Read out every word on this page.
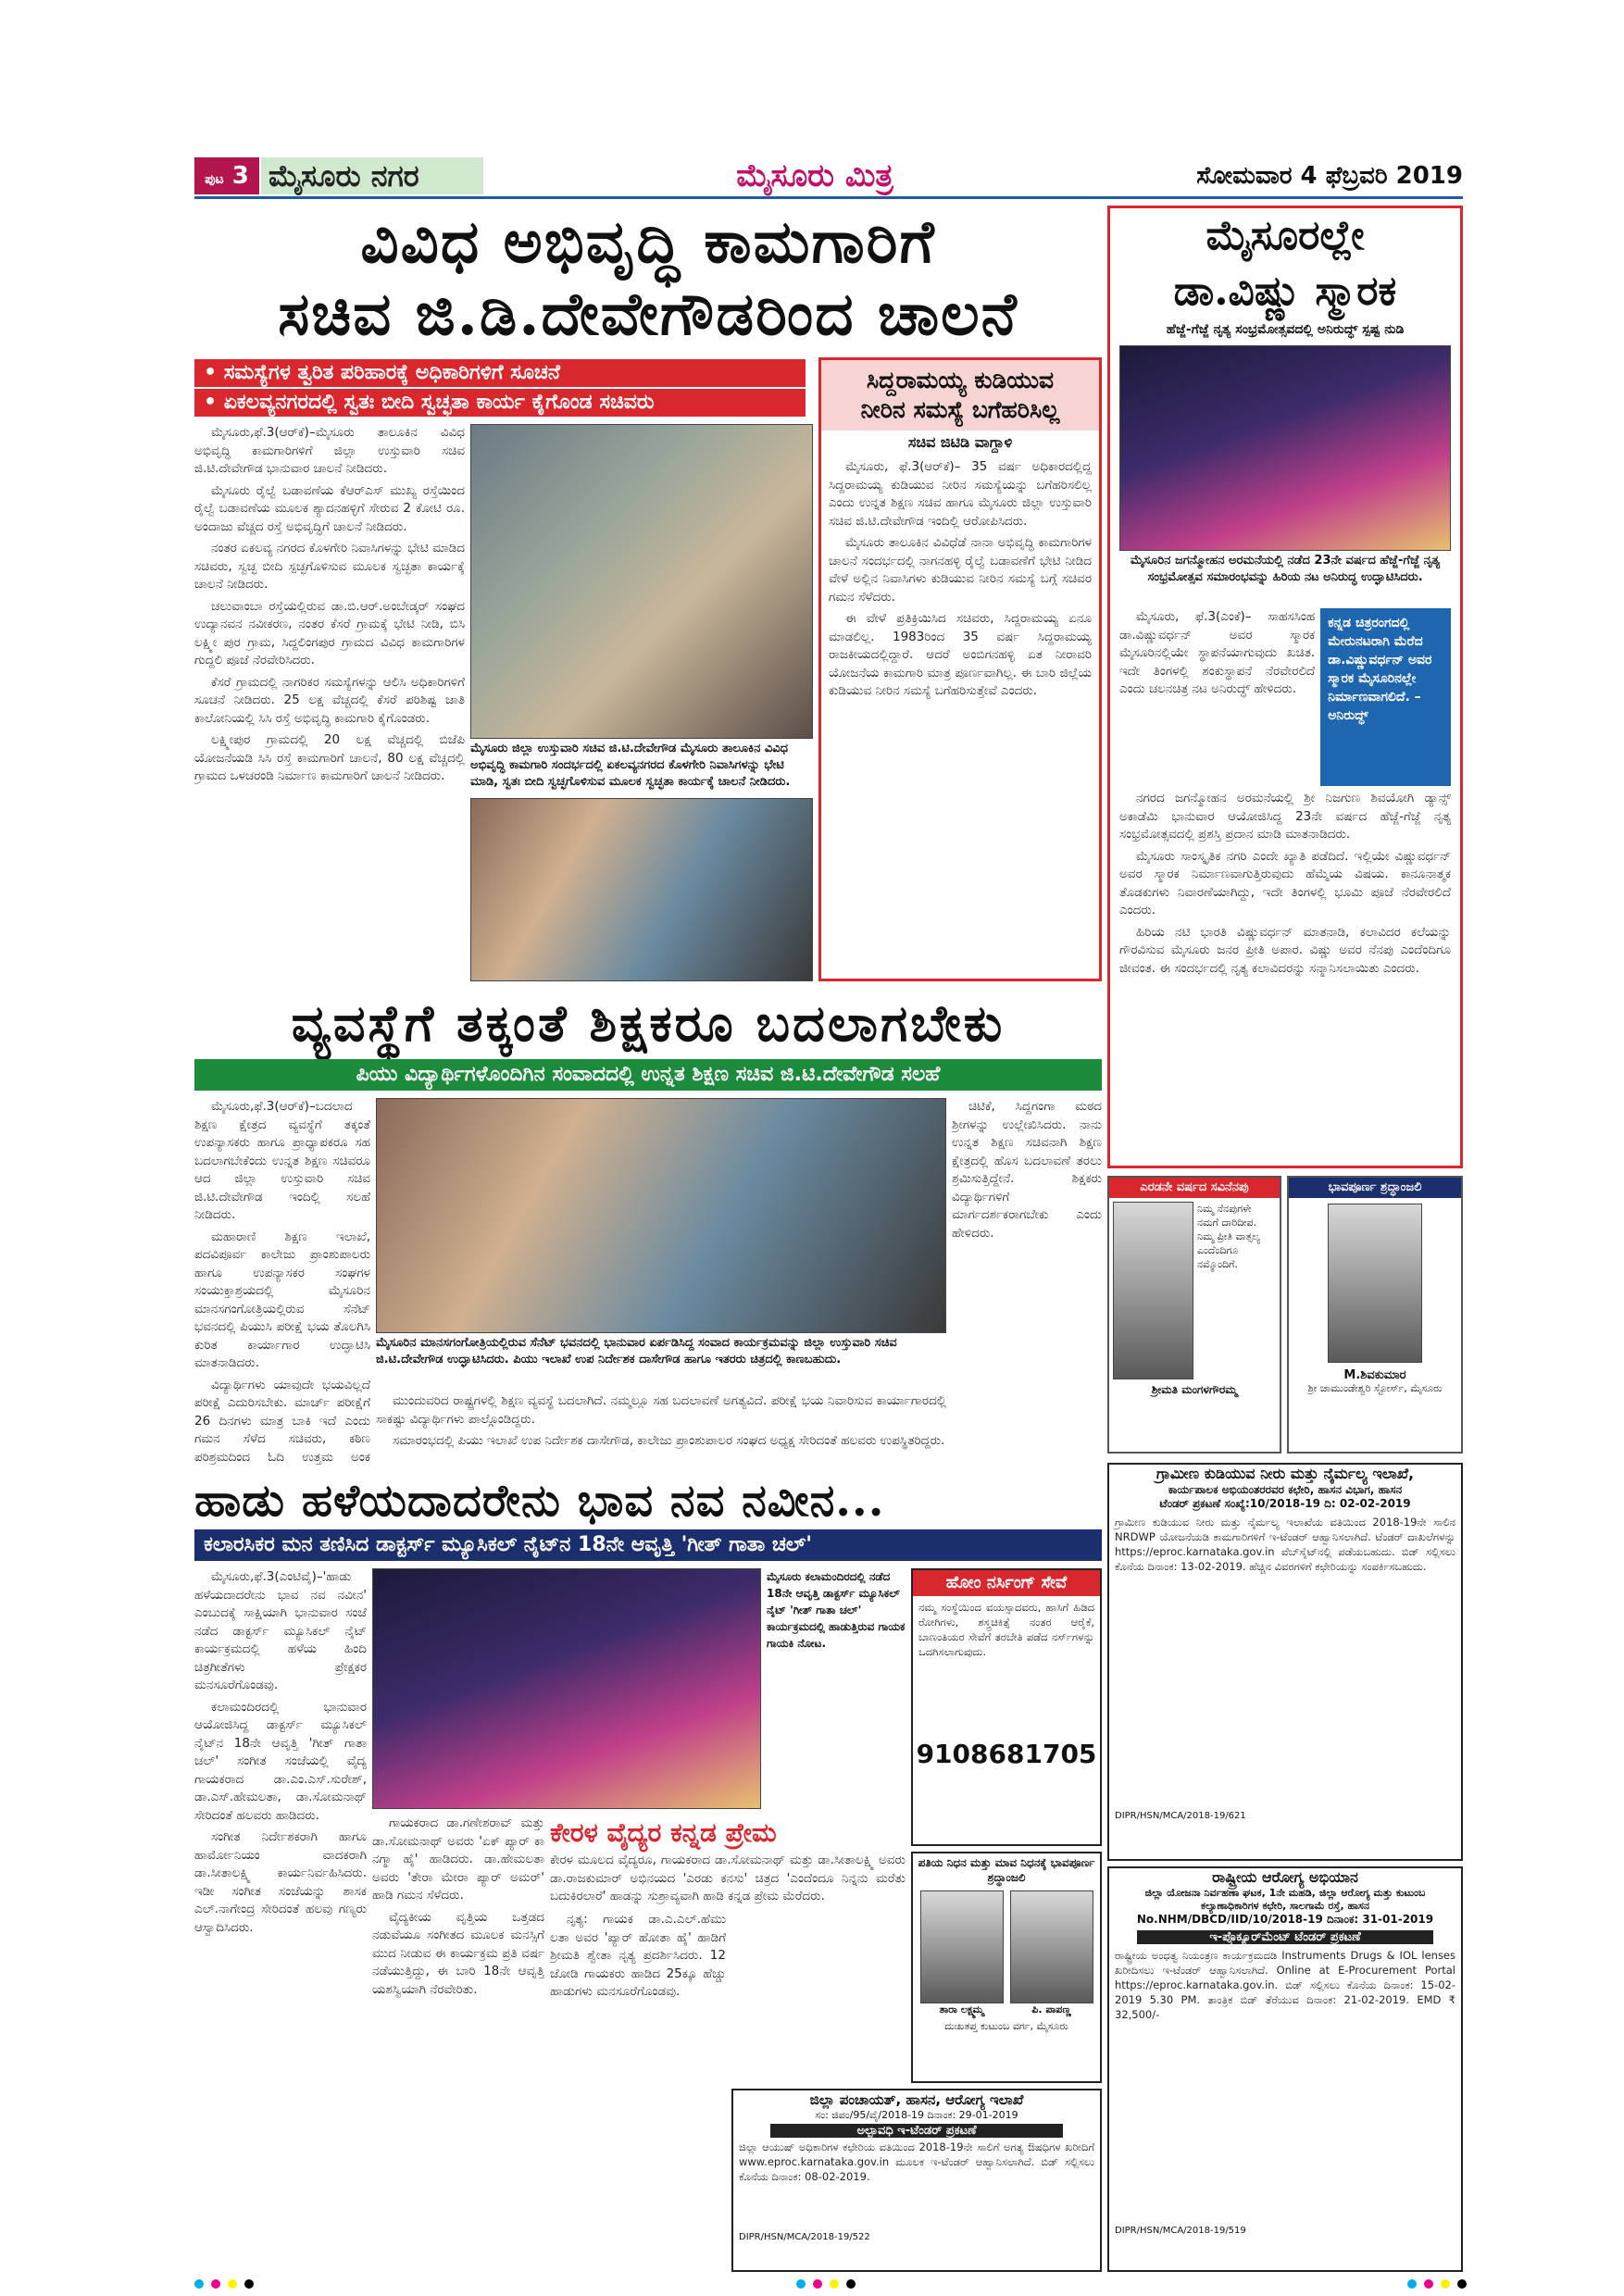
ಪುಟ 3 ಮೈಸೂರು ನಗರ	ಮೈಸೂರು ಮಿತ್ರ	ಸೋಮವಾರ 4 ಫೆಬ್ರವರಿ 2019
ವಿವಿಧ ಅಭಿವೃದ್ಧಿ ಕಾಮಗಾರಿಗೆ
ಸಚಿವ ಜಿ.ಡಿ.ದೇವೇಗೌಡರಿಂದ ಚಾಲನೆ
• ಸಮಸ್ಯೆಗಳ ತ್ವರಿತ ಪರಿಹಾರಕ್ಕೆ ಅಧಿಕಾರಿಗಳಿಗೆ ಸೂಚನೆ
• ಏಕಲವ್ಯನಗರದಲ್ಲಿ ಸ್ವತಃ ಬೀದಿ ಸ್ವಚ್ಛತಾ ಕಾರ್ಯ ಕೈಗೊಂಡ ಸಚಿವರು

ಮೈಸೂರು,ಫೆ.3(ಆರ್‌ಕೆ)–ಮೈಸೂರು ತಾಲೂಕಿನ ವಿವಿಧ ಅಭಿವೃದ್ಧಿ ಕಾಮಗಾರಿಗಳಿಗೆ ಜಿಲ್ಲಾ ಉಸ್ತುವಾರಿ ಸಚಿವ ಜಿ.ಟಿ.ದೇವೇಗೌಡ ಭಾನುವಾರ ಚಾಲನೆ ನೀಡಿದರು.

ಮೈಸೂರು ರೈಲ್ವೆ ಬಡಾವಣೆಯ ಕೆಆರ್‌ಎಸ್ ಮುಖ್ಯ ರಸ್ತೆಯಿಂದ ರೈಲ್ವೆ ಬಡಾವಣೆಯ ಮೂಲಕ ಶ್ಯಾದನಹಳ್ಳಿಗೆ ಸೇರುವ 2 ಕೋಟಿ ರೂ. ಅಂದಾಜು ವೆಚ್ಚದ ರಸ್ತೆ ಅಭಿವೃದ್ಧಿಗೆ ಚಾಲನೆ ನೀಡಿದರು.

ನಂತರ ಏಕಲವ್ಯ ನಗರದ ಕೊಳಗೇರಿ ನಿವಾಸಿಗಳನ್ನು ಭೇಟಿ ಮಾಡಿದ ಸಚಿವರು, ಸ್ವಚ್ಛ ಬೀದಿ ಸ್ಪಚ್ಛಗೊಳಿಸುವ ಮೂಲಕ ಸ್ವಚ್ಛತಾ ಕಾರ್ಯಕ್ಕೆ ಚಾಲನೆ ನೀಡಿದರು.

ಚಲುವಾಂಬಾ ರಸ್ತೆಯಲ್ಲಿರುವ ಡಾ.ಬಿ.ಆರ್.ಅಂಬೇಡ್ಕರ್ ಸಂಘದ ಉದ್ಯಾನವನ ನವೀಕರಣ, ನಂತರ ಕೆಸರೆ ಗ್ರಾಮಕ್ಕೆ ಭೇಟಿ ನೀಡಿ, ಬಿಸಿ ಲಕ್ಷ್ಮೀ ಪುರ ಗ್ರಾಮ, ಸಿದ್ದಲಿಂಗಪುರ ಗ್ರಾಮದ ವಿವಿಧ ಕಾಮಗಾರಿಗಳ ಗುದ್ದಲಿ ಪೂಜೆ ನೆರವೇರಿಸಿದರು.

ಕೆಸರೆ ಗ್ರಾಮದಲ್ಲಿ ನಾಗರಿಕರ ಸಮಸ್ಯೆಗಳನ್ನು ಆಲಿಸಿ ಅಧಿಕಾರಿಗಳಿಗೆ ಸೂಚನೆ ನೀಡಿದರು. 25 ಲಕ್ಷ ವೆಚ್ಚದಲ್ಲಿ ಕೆಸರೆ ಪರಿಶಿಷ್ಟ ಜಾತಿ ಕಾಲೋನಿಯಲ್ಲಿ ಸಿಸಿ ರಸ್ತೆ ಅಭಿವೃದ್ಧಿ ಕಾಮಗಾರಿ ಕೈಗೊಂಡರು.

ಲಕ್ಷ್ಮೀಪುರ ಗ್ರಾಮದಲ್ಲಿ 20 ಲಕ್ಷ ವೆಚ್ಚದಲ್ಲಿ ಬಿಜೆಪಿ ಯೋಜನೆಯಡಿ ಸಿಸಿ ರಸ್ತೆ ಕಾಮಗಾರಿಗೆ ಚಾಲನೆ, 80 ಲಕ್ಷ ವೆಚ್ಚದಲ್ಲಿ ಗ್ರಾಮದ ಒಳಚರಂಡಿ ನಿರ್ಮಾಣ ಕಾಮಗಾರಿಗೆ ಚಾಲನೆ ನೀಡಿದರು.

ಮೈಸೂರು ಜಿಲ್ಲಾ ಉಸ್ತುವಾರಿ ಸಚಿವ ಜಿ.ಟಿ.ದೇವೇಗೌಡ ಮೈಸೂರು ತಾಲೂಕಿನ ವಿವಿಧ ಅಭಿವೃದ್ಧಿ ಕಾಮಗಾರಿ ಸಂದರ್ಭದಲ್ಲಿ ಏಕಲವ್ಯನಗರದ ಕೊಳಗೇರಿ ನಿವಾಸಿಗಳನ್ನು ಭೇಟಿ ಮಾಡಿ, ಸ್ವತಃ ಬೀದಿ ಸ್ವಚ್ಛಗೊಳಿಸುವ ಮೂಲಕ ಸ್ವಚ್ಛತಾ ಕಾರ್ಯಕ್ಕೆ ಚಾಲನೆ ನೀಡಿದರು.
ಸಿದ್ದರಾಮಯ್ಯ ಕುಡಿಯುವ
ನೀರಿನ ಸಮಸ್ಯೆ ಬಗೆಹರಿಸಿಲ್ಲ
ಸಚಿವ ಜಿಟಿಡಿ ವಾಗ್ದಾಳಿ

ಮೈಸೂರು, ಫೆ.3(ಆರ್‌ಕೆ)– 35 ವರ್ಷ ಅಧಿಕಾರದಲ್ಲಿದ್ದ ಸಿದ್ದರಾಮಯ್ಯ ಕುಡಿಯುವ ನೀರಿನ ಸಮಸ್ಯೆಯನ್ನು ಬಗೆಹರಿಸಲಿಲ್ಲ ಎಂದು ಉನ್ನತ ಶಿಕ್ಷಣ ಸಚಿವ ಹಾಗೂ ಮೈಸೂರು ಜಿಲ್ಲಾ ಉಸ್ತುವಾರಿ ಸಚಿವ ಜಿ.ಟಿ.ದೇವೇಗೌಡ ಇಂದಿಲ್ಲಿ ಆರೋಪಿಸಿದರು.

ಮೈಸೂರು ತಾಲೂಕಿನ ವಿವಿಧೆಡೆ ನಾನಾ ಅಭಿವೃದ್ಧಿ ಕಾಮಗಾರಿಗಳ ಚಾಲನೆ ಸಂದರ್ಭದಲ್ಲಿ ನಾಗನಹಳ್ಳಿ ರೈಲ್ವೆ ಬಡಾವಣೆಗೆ ಭೇಟಿ ನೀಡಿದ ವೇಳೆ ಅಲ್ಲಿನ ನಿವಾಸಿಗಳು ಕುಡಿಯುವ ನೀರಿನ ಸಮಸ್ಯೆ ಬಗ್ಗೆ ಸಚಿವರ ಗಮನ ಸೆಳೆದರು.

ಈ ವೇಳೆ ಪ್ರತಿಕ್ರಿಯಿಸಿದ ಸಚಿವರು, ಸಿದ್ದರಾಮಯ್ಯ ಏನೂ ಮಾಡಲಿಲ್ಲ. 1983ರಿಂದ 35 ವರ್ಷ ಸಿದ್ದರಾಮಯ್ಯ ರಾಜಕೀಯದಲ್ಲಿದ್ದಾರೆ. ಆದರೆ ಅಂಬಿಗನಹಳ್ಳಿ ಏತ ನೀರಾವರಿ ಯೋಜನೆಯ ಕಾಮಗಾರಿ ಮಾತ್ರ ಪೂರ್ಣವಾಗಿಲ್ಲ. ಈ ಬಾರಿ ಜಿಲ್ಲೆಯ ಕುಡಿಯುವ ನೀರಿನ ಸಮಸ್ಯೆ ಬಗೆಹರಿಸುತ್ತೇವೆ ಎಂದರು.

ಮೈಸೂರಲ್ಲೇ
ಡಾ.ವಿಷ್ಣು ಸ್ಮಾರಕ
ಹೆಜ್ಜೆ-ಗೆಜ್ಜೆ ನೃತ್ಯ ಸಂಭ್ರಮೋತ್ಸವದಲ್ಲಿ ಅನಿರುದ್ಧ್ ಸ್ಪಷ್ಟ ನುಡಿ
ಮೈಸೂರಿನ ಜಗನ್ಮೋಹನ ಅರಮನೆಯಲ್ಲಿ ನಡೆದ 23ನೇ ವರ್ಷದ ಹೆಜ್ಜೆ-ಗೆಜ್ಜೆ ನೃತ್ಯ ಸಂಭ್ರಮೋತ್ಸವ ಸಮಾರಂಭವನ್ನು ಹಿರಿಯ ನಟ ಅನಿರುದ್ಧ ಉದ್ಘಾಟಿಸಿದರು.

ಮೈಸೂರು, ಫೆ.3(ಎಂಕೆ)– ಸಾಹಸಸಿಂಹ ಡಾ.ವಿಷ್ಣುವರ್ಧನ್ ಅವರ ಸ್ಮಾರಕ ಮೈಸೂರಿನಲ್ಲಿಯೇ ಸ್ಥಾಪನೆಯಾಗುವುದು ಖಚಿತ. ಇದೇ ತಿಂಗಳಲ್ಲಿ ಶಂಕುಸ್ಥಾಪನೆ ನೆರವೇರಲಿದೆ ಎಂದು ಚಲನಚಿತ್ರ ನಟ ಅನಿರುದ್ಧ್ ಹೇಳಿದರು.

ಕನ್ನಡ ಚಿತ್ರರಂಗದಲ್ಲಿ ಮೇರುನಟರಾಗಿ ಮೆರೆದ ಡಾ.ವಿಷ್ಣುವರ್ಧನ್ ಅವರ ಸ್ಮಾರಕ ಮೈಸೂರಿನಲ್ಲೇ ನಿರ್ಮಾಣವಾಗಲಿದೆ. – ಅನಿರುದ್ಧ್

ನಗರದ ಜಗನ್ಮೋಹನ ಅರಮನೆಯಲ್ಲಿ ಶ್ರೀ ನಿಜಗುಣ ಶಿವಯೋಗಿ ಡ್ಯಾನ್ಸ್ ಅಕಾಡೆಮಿ ಭಾನುವಾರ ಆಯೋಜಿಸಿದ್ದ 23ನೇ ವರ್ಷದ ಹೆಜ್ಜೆ-ಗೆಜ್ಜೆ ನೃತ್ಯ ಸಂಭ್ರಮೋತ್ಸವದಲ್ಲಿ ಪ್ರಶಸ್ತಿ ಪ್ರದಾನ ಮಾಡಿ ಮಾತನಾಡಿದರು.

ಮೈಸೂರು ಸಾಂಸ್ಕೃತಿಕ ನಗರಿ ಎಂದೇ ಖ್ಯಾತಿ ಪಡೆದಿದೆ. ಇಲ್ಲಿಯೇ ವಿಷ್ಣುವರ್ಧನ್ ಅವರ ಸ್ಮಾರಕ ನಿರ್ಮಾಣವಾಗುತ್ತಿರುವುದು ಹೆಮ್ಮೆಯ ವಿಷಯ. ಕಾನೂನಾತ್ಮಕ ತೊಡಕುಗಳು ನಿವಾರಣೆಯಾಗಿದ್ದು, ಇದೇ ತಿಂಗಳಲ್ಲಿ ಭೂಮಿ ಪೂಜೆ ನೆರವೇರಲಿದೆ ಎಂದರು.

ಹಿರಿಯ ನಟಿ ಭಾರತಿ ವಿಷ್ಣುವರ್ಧನ್ ಮಾತನಾಡಿ, ಕಲಾವಿದರ ಕಲೆಯನ್ನು ಗೌರವಿಸುವ ಮೈಸೂರು ಜನರ ಪ್ರೀತಿ ಅಪಾರ. ವಿಷ್ಣು ಅವರ ನೆನಪು ಎಂದೆಂದಿಗೂ ಜೀವಂತ. ಈ ಸಂದರ್ಭದಲ್ಲಿ ನೃತ್ಯ ಕಲಾವಿದರನ್ನು ಸನ್ಮಾನಿಸಲಾಯಿತು ಎಂದರು.

ವ್ಯವಸ್ಥೆಗೆ ತಕ್ಕಂತೆ ಶಿಕ್ಷಕರೂ ಬದಲಾಗಬೇಕು
ಪಿಯು ವಿದ್ಯಾರ್ಥಿಗಳೊಂದಿಗಿನ ಸಂವಾದದಲ್ಲಿ ಉನ್ನತ ಶಿಕ್ಷಣ ಸಚಿವ ಜಿ.ಟಿ.ದೇವೇಗೌಡ ಸಲಹೆ

ಮೈಸೂರು,ಫೆ.3(ಆರ್‌ಕೆ)–ಬದಲಾದ ಶಿಕ್ಷಣ ಕ್ಷೇತ್ರದ ವ್ಯವಸ್ಥೆಗೆ ತಕ್ಕಂತೆ ಉಪನ್ಯಾಸಕರು ಹಾಗೂ ಪ್ರಾಧ್ಯಾಪಕರೂ ಸಹ ಬದಲಾಗಬೇಕೆಂದು ಉನ್ನತ ಶಿಕ್ಷಣ ಸಚಿವರೂ ಆದ ಜಿಲ್ಲಾ ಉಸ್ತುವಾರಿ ಸಚಿವ ಜಿ.ಟಿ.ದೇವೇಗೌಡ ಇಂದಿಲ್ಲಿ ಸಲಹೆ ನೀಡಿದರು.

ಮಹಾರಾಣಿ ಶಿಕ್ಷಣ ಇಲಾಖೆ, ಪದವಿಪೂರ್ವ ಕಾಲೇಜು ಪ್ರಾಂಶುಪಾಲರು ಹಾಗೂ ಉಪನ್ಯಾಸಕರ ಸಂಘಗಳ ಸಂಯುಕ್ತಾಶ್ರಯದಲ್ಲಿ ಮೈಸೂರಿನ ಮಾನಸಗಂಗೋತ್ರಿಯಲ್ಲಿರುವ ಸೆನೆಟ್ ಭವನದಲ್ಲಿ ಪಿಯುಸಿ ಪರೀಕ್ಷೆ ಭಯ ತೊಲಗಿಸಿ ಕುರಿತ ಕಾರ್ಯಾಗಾರ ಉದ್ಘಾಟಿಸಿ ಮಾತನಾಡಿದರು.

ವಿದ್ಯಾರ್ಥಿಗಳು ಯಾವುದೇ ಭಯವಿಲ್ಲದೆ ಪರೀಕ್ಷೆ ಎದುರಿಸಬೇಕು. ಮಾರ್ಚ್ ಪರೀಕ್ಷೆಗೆ 26 ದಿನಗಳು ಮಾತ್ರ ಬಾಕಿ ಇದೆ ಎಂದು ಗಮನ ಸೆಳೆದ ಸಚಿವರು, ಕಠಿಣ ಪರಿಶ್ರಮದಿಂದ ಓದಿ ಉತ್ತಮ ಅಂಕ

ಮೈಸೂರಿನ ಮಾನಸಗಂಗೋತ್ರಿಯಲ್ಲಿರುವ ಸೆನೆಟ್ ಭವನದಲ್ಲಿ ಭಾನುವಾರ ಏರ್ಪಡಿಸಿದ್ದ ಸಂವಾದ ಕಾರ್ಯಕ್ರಮವನ್ನು ಜಿಲ್ಲಾ ಉಸ್ತುವಾರಿ ಸಚಿವ ಜಿ.ಟಿ.ದೇವೇಗೌಡ ಉದ್ಘಾಟಿಸಿದರು. ಪಿಯು ಇಲಾಖೆ ಉಪ ನಿರ್ದೇಶಕ ದಾಸೇಗೌಡ ಹಾಗೂ ಇತರರು ಚಿತ್ರದಲ್ಲಿ ಕಾಣಬಹುದು.

ಮುಂದುವರಿದ ರಾಷ್ಟ್ರಗಳಲ್ಲಿ ಶಿಕ್ಷಣ ವ್ಯವಸ್ಥೆ ಬದಲಾಗಿದೆ. ನಮ್ಮಲ್ಲೂ ಸಹ ಬದಲಾವಣೆ ಅಗತ್ಯವಿದೆ. ಪರೀಕ್ಷೆ ಭಯ ನಿವಾರಿಸುವ ಕಾರ್ಯಾಗಾರದಲ್ಲಿ ಸಾಕಷ್ಟು ವಿದ್ಯಾರ್ಥಿಗಳು ಪಾಲ್ಗೊಂಡಿದ್ದರು.

ಸಮಾರಂಭದಲ್ಲಿ ಪಿಯು ಇಲಾಖೆ ಉಪ ನಿರ್ದೇಶಕ ದಾಸೇಗೌಡ, ಕಾಲೇಜು ಪ್ರಾಂಶುಪಾಲರ ಸಂಘದ ಅಧ್ಯಕ್ಷ ಸೇರಿದಂತೆ ಹಲವರು ಉಪಸ್ಥಿತರಿದ್ದರು.

ಚಿಟಿಕೆ, ಸಿದ್ದಗಂಗಾ ಮಠದ ಶ್ರೀಗಳನ್ನು ಉಲ್ಲೇಖಿಸಿದರು. ನಾನು ಉನ್ನತ ಶಿಕ್ಷಣ ಸಚಿವನಾಗಿ ಶಿಕ್ಷಣ ಕ್ಷೇತ್ರದಲ್ಲಿ ಹೊಸ ಬದಲಾವಣೆ ತರಲು ಶ್ರಮಿಸುತ್ತಿದ್ದೇನೆ. ಶಿಕ್ಷಕರು ವಿದ್ಯಾರ್ಥಿಗಳಿಗೆ ಮಾರ್ಗದರ್ಶಕರಾಗಬೇಕು ಎಂದು ಹೇಳಿದರು.

ಎರಡನೇ ವರ್ಷದ ಸವಿನೆನಪು
ನಿಮ್ಮ ನೆನಪುಗಳೇ ನಮಗೆ ದಾರಿದೀಪ. ನಿಮ್ಮ ಪ್ರೀತಿ ವಾತ್ಸಲ್ಯ ಎಂದೆಂದಿಗೂ ನಮ್ಮೊಂದಿಗೆ.
ಶ್ರೀಮತಿ ಮಂಗಳಗೌರಮ್ಮ
ಭಾವಪೂರ್ಣ ಶ್ರದ್ಧಾಂಜಲಿ
M.ಶಿವಕುಮಾರ
ಶ್ರೀ ಚಾಮುಂಡೇಶ್ವರಿ ಸ್ಟೋರ್ಸ್, ಮೈಸೂರು
ಹಾಡು ಹಳೆಯದಾದರೇನು ಭಾವ ನವ ನವೀನ...
ಕಲಾರಸಿಕರ ಮನ ತಣಿಸಿದ ಡಾಕ್ಟರ್ಸ್ ಮ್ಯೂಸಿಕಲ್ ನೈಟ್‌ನ 18ನೇ ಆವೃತ್ತಿ 'ಗೀತ್ ಗಾತಾ ಚಲ್'

ಮೈಸೂರು,ಫೆ.3(ಎಂಟಿವೈ)–'ಹಾಡು ಹಳೆಯದಾದರೇನು ಭಾವ ನವ ನವೀನ' ಎಂಬುದಕ್ಕೆ ಸಾಕ್ಷಿಯಾಗಿ ಭಾನುವಾರ ಸಂಜೆ ನಡೆದ ಡಾಕ್ಟರ್ಸ್ ಮ್ಯೂಸಿಕಲ್ ನೈಟ್ ಕಾರ್ಯಕ್ರಮದಲ್ಲಿ ಹಳೆಯ ಹಿಂದಿ ಚಿತ್ರಗೀತೆಗಳು ಪ್ರೇಕ್ಷಕರ ಮನಸೂರೆಗೊಂಡವು.

ಕಲಾಮಂದಿರದಲ್ಲಿ ಭಾನುವಾರ ಆಯೋಜಿಸಿದ್ದ ಡಾಕ್ಟರ್ಸ್ ಮ್ಯೂಸಿಕಲ್ ನೈಟ್‌ನ 18ನೇ ಆವೃತ್ತಿ 'ಗೀತ್ ಗಾತಾ ಚಲ್' ಸಂಗೀತ ಸಂಜೆಯಲ್ಲಿ ವೈದ್ಯ ಗಾಯಕರಾದ ಡಾ.ಎಂ.ಎಸ್.ಸುರೇಶ್, ಡಾ.ಎಸ್.ಹೇಮಲತಾ, ಡಾ.ಸೋಮನಾಥ್ ಸೇರಿದಂತೆ ಹಲವರು ಹಾಡಿದರು.

ಸಂಗೀತ ನಿರ್ದೇಶಕರಾಗಿ ಹಾಗೂ ಹಾರ್ಮೋನಿಯಂ ವಾದಕರಾಗಿ ಡಾ.ಸೀತಾಲಕ್ಷ್ಮಿ ಕಾರ್ಯನಿರ್ವಹಿಸಿದರು. ಇಡೀ ಸಂಗೀತ ಸಂಜೆಯನ್ನು ಶಾಸಕ ಎಲ್.ನಾಗೇಂದ್ರ ಸೇರಿದಂತೆ ಹಲವು ಗಣ್ಯರು ಆಸ್ವಾದಿಸಿದರು.

ಮೈಸೂರು ಕಲಾಮಂದಿರದಲ್ಲಿ ನಡೆದ 18ನೇ ಆವೃತ್ತಿ ಡಾಕ್ಟರ್ಸ್ ಮ್ಯೂಸಿಕಲ್ ನೈಟ್ 'ಗೀತ್ ಗಾತಾ ಚಲ್' ಕಾರ್ಯಕ್ರಮದಲ್ಲಿ ಹಾಡುತ್ತಿರುವ ಗಾಯಕ ಗಾಯಕಿ ನೋಟ.

ಗಾಯಕರಾದ ಡಾ.ಗಣೇಶರಾವ್ ಮತ್ತು ಡಾ.ಸೋಮನಾಥ್ ಅವರು 'ಏಕ್ ಪ್ಯಾರ್ ಕಾ ನಗ್ಮಾ ಹೈ' ಹಾಡಿದರು. ಡಾ.ಹೇಮಲತಾ ಅವರು 'ತೇರಾ ಮೇರಾ ಪ್ಯಾರ್ ಅಮರ್' ಹಾಡಿ ಗಮನ ಸೆಳೆದರು.

ವೈದ್ಯಕೀಯ ವೃತ್ತಿಯ ಒತ್ತಡದ ನಡುವೆಯೂ ಸಂಗೀತದ ಮೂಲಕ ಮನಸ್ಸಿಗೆ ಮುದ ನೀಡುವ ಈ ಕಾರ್ಯಕ್ರಮ ಪ್ರತಿ ವರ್ಷ ನಡೆಯುತ್ತಿದ್ದು, ಈ ಬಾರಿ 18ನೇ ಆವೃತ್ತಿ ಯಶಸ್ವಿಯಾಗಿ ನೆರವೇರಿತು.

ಕೇರಳ ವೈದ್ಯರ ಕನ್ನಡ ಪ್ರೇಮ
ಕೇರಳ ಮೂಲದ ವೈದ್ಯರೂ, ಗಾಯಕರಾದ ಡಾ.ಸೋಮನಾಥ್ ಮತ್ತು ಡಾ.ಸೀತಾಲಕ್ಷ್ಮಿ ಅವರು ಡಾ.ರಾಜಕುಮಾರ್ ಅಭಿನಯದ 'ಎರಡು ಕನಸು' ಚಿತ್ರದ 'ಎಂದೆಂದೂ ನಿನ್ನನು ಮರೆತು ಬದುಕಿರಲಾರೆ' ಹಾಡನ್ನು ಸುಶ್ರಾವ್ಯವಾಗಿ ಹಾಡಿ ಕನ್ನಡ ಪ್ರೇಮ ಮೆರೆದರು.

ನೃತ್ಯ: ಗಾಯಕ ಡಾ.ಎ.ಎಲ್.ಹೆಮು ಲತಾ ಅವರ 'ಪ್ಯಾರ್ ಹೋತಾ ಹೈ' ಹಾಡಿಗೆ ಶ್ರೀಮತಿ ಶ್ವೇತಾ ನೃತ್ಯ ಪ್ರದರ್ಶಿಸಿದರು. 12 ಜೋಡಿ ಗಾಯಕರು ಹಾಡಿದ 25ಕ್ಕೂ ಹೆಚ್ಚು ಹಾಡುಗಳು ಮನಸೂರೆಗೊಂಡವು.

ಹೋಂ ನರ್ಸಿಂಗ್ ಸೇವೆ
ನಮ್ಮ ಸಂಸ್ಥೆಯಿಂದ ವಯಸ್ಸಾದವರು, ಹಾಸಿಗೆ ಹಿಡಿದ ರೋಗಿಗಳು, ಶಸ್ತ್ರಚಿಕಿತ್ಸೆ ನಂತರ ಆರೈಕೆ, ಬಾಣಂತಿಯರ ಸೇವೆಗೆ ತರಬೇತಿ ಪಡೆದ ನರ್ಸ್‌ಗಳನ್ನು ಒದಗಿಸಲಾಗುವುದು.
9108681705
ಪತಿಯ ನಿಧನ ಮತ್ತು ಮಾವ ನಿಧನಕ್ಕೆ ಭಾವಪೂರ್ಣ ಶ್ರದ್ಧಾಂಜಲಿ
ತಾರಾ ಲಕ್ಷ್ಮಮ್ಮ	ಪಿ. ಪಾಪಣ್ಣ
ದುಃಖತಪ್ತ ಕುಟುಂಬ ವರ್ಗ, ಮೈಸೂರು
ಜಿಲ್ಲಾ ಪಂಚಾಯತ್, ಹಾಸನ, ಆರೋಗ್ಯ ಇಲಾಖೆ
ಸಂ: ಜಿಪಂ/95/ವೈ/2018-19 ದಿನಾಂಕ: 29-01-2019
ಅಲ್ಪಾವಧಿ ಇ-ಟೆಂಡರ್ ಪ್ರಕಟಣೆ
ಜಿಲ್ಲಾ ಆಯುಷ್ ಅಧಿಕಾರಿಗಳ ಕಛೇರಿಯ ವತಿಯಿಂದ 2018-19ನೇ ಸಾಲಿಗೆ ಅಗತ್ಯ ಔಷಧಿಗಳ ಖರೀದಿಗೆ www.eproc.karnataka.gov.in ಮೂಲಕ ಇ-ಟೆಂಡರ್ ಆಹ್ವಾನಿಸಲಾಗಿದೆ. ಬಿಡ್ ಸಲ್ಲಿಸಲು ಕೊನೆಯ ದಿನಾಂಕ: 08-02-2019.
DIPR/HSN/MCA/2018-19/522
ಗ್ರಾಮೀಣ ಕುಡಿಯುವ ನೀರು ಮತ್ತು ನೈರ್ಮಲ್ಯ ಇಲಾಖೆ,
ಕಾರ್ಯಪಾಲಕ ಅಭಿಯಂತರರವರ ಕಛೇರಿ, ಹಾಸನ ವಿಭಾಗ, ಹಾಸನ
ಟೆಂಡರ್ ಪ್ರಕಟಣೆ ಸಂಖ್ಯೆ:10/2018-19 ದಿ: 02-02-2019
ಗ್ರಾಮೀಣ ಕುಡಿಯುವ ನೀರು ಮತ್ತು ನೈರ್ಮಲ್ಯ ಇಲಾಖೆಯ ವತಿಯಿಂದ 2018-19ನೇ ಸಾಲಿನ NRDWP ಯೋಜನೆಯಡಿ ಕಾಮಗಾರಿಗಳಿಗೆ ಇ-ಟೆಂಡರ್ ಆಹ್ವಾನಿಸಲಾಗಿದೆ. ಟೆಂಡರ್ ದಾಖಲೆಗಳನ್ನು https://eproc.karnataka.gov.in ವೆಬ್‌ಸೈಟ್‌ನಲ್ಲಿ ಪಡೆಯಬಹುದು. ಬಿಡ್ ಸಲ್ಲಿಸಲು ಕೊನೆಯ ದಿನಾಂಕ: 13-02-2019. ಹೆಚ್ಚಿನ ವಿವರಗಳಿಗೆ ಕಛೇರಿಯನ್ನು ಸಂಪರ್ಕಿಸಬಹುದು.
DIPR/HSN/MCA/2018-19/621
ರಾಷ್ಟ್ರೀಯ ಆರೋಗ್ಯ ಅಭಿಯಾನ
ಜಿಲ್ಲಾ ಯೋಜನಾ ನಿರ್ವಹಣಾ ಘಟಕ, 1ನೇ ಮಹಡಿ, ಜಿಲ್ಲಾ ಆರೋಗ್ಯ ಮತ್ತು ಕುಟುಂಬ ಕಲ್ಯಾಣಾಧಿಕಾರಿಗಳ ಕಛೇರಿ, ಸಾಲಗಾಮೆ ರಸ್ತೆ, ಹಾಸನ
No.NHM/DBCD/IID/10/2018-19 ದಿನಾಂಕ: 31-01-2019
ಇ-ಪ್ರೊಕ್ಯೂರ್‌ಮೆಂಟ್ ಟೆಂಡರ್ ಪ್ರಕಟಣೆ
ರಾಷ್ಟ್ರೀಯ ಅಂಧತ್ವ ನಿಯಂತ್ರಣ ಕಾರ್ಯಕ್ರಮದಡಿ Instruments Drugs & IOL lenses ಖರೀದಿಸಲು ಇ-ಟೆಂಡರ್ ಆಹ್ವಾನಿಸಲಾಗಿದೆ. Online at E-Procurement Portal https://eproc.karnataka.gov.in. ಬಿಡ್ ಸಲ್ಲಿಸಲು ಕೊನೆಯ ದಿನಾಂಕ: 15-02-2019 5.30 PM. ತಾಂತ್ರಿಕ ಬಿಡ್ ತೆರೆಯುವ ದಿನಾಂಕ: 21-02-2019. EMD ₹ 32,500/-
DIPR/HSN/MCA/2018-19/519
